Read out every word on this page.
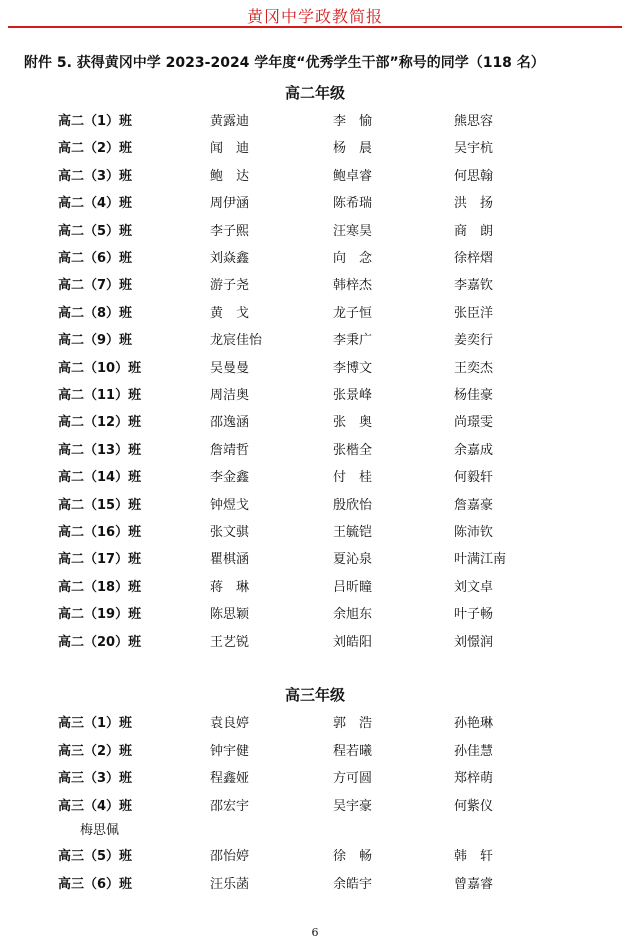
黄冈中学政教简报
附件 5. 获得黄冈中学 2023-2024 学年度“优秀学生干部”称号的同学（118 名）
高二年级
高二（1）班	黄露迪	李　愉	熊思容
高二（2）班	闻　迪	杨　晨	吴宇杭
高二（3）班	鲍　达	鲍卓睿	何思翰
高二（4）班	周伊涵	陈希瑞	洪　扬
高二（5）班	李子熙	汪寒昊	商　朗
高二（6）班	刘焱鑫	向　念	徐梓熠
高二（7）班	游子尧	韩梓杰	李嘉钦
高二（8）班	黄　戈	龙子恒	张臣洋
高二（9）班	龙宸佳怡	李秉广	姜奕行
高二（10）班	吴曼曼	李博文	王奕杰
高二（11）班	周洁奥	张景峰	杨佳豪
高二（12）班	邵逸涵	张　奥	尚璟雯
高二（13）班	詹靖哲	张楷全	余嘉成
高二（14）班	李金鑫	付　桂	何毅轩
高二（15）班	钟煜戈	殷欣怡	詹嘉豪
高二（16）班	张文骐	王毓铠	陈沛钦
高二（17）班	瞿棋涵	夏沁泉	叶满江南
高二（18）班	蒋　琳	吕昕瞳	刘文卓
高二（19）班	陈思颖	余旭东	叶子畅
高二（20）班	王艺锐	刘皓阳	刘憬润
高三年级
高三（1）班	袁良婷	郭　浩	孙艳琳
高三（2）班	钟宇健	程若曦	孙佳慧
高三（3）班	程鑫娅	方可圆	郑梓萌
高三（4）班	邵宏宇	吴宇豪	何紫仪
梅思佩
高三（5）班	邵怡婷	徐　畅	韩　轩
高三（6）班	汪乐菡	余皓宇	曾嘉睿
6
